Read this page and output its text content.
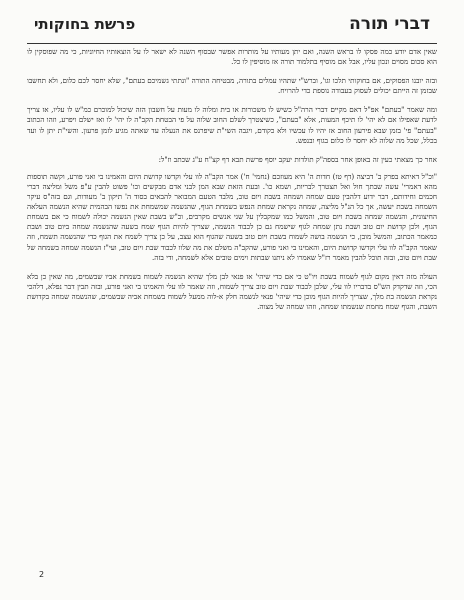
דברי תורה
פרשת בחוקותי

שאין אדם יודע כמה פסקו לו בראש השנה, ואם יתן מעותיו על מותרות אפשר שבסוף השנה לא ישאר לו על הוצאותיו החיוניות, כי מה שפוסקין לו הוא סכום מסוים ונכון עליו, אבל אם מוסיף בתלמוד תורה אז מוסיפין לו כל.

ובזה יובנו הפסוקים, אם בחוקותי תלכו וגו', וברש"י שתהיו עמלים בתורה, מבטיחה התורה "ונתתי גשמיכם בעתם", שלא יחסר לכם כלום, ולא תחשבו שבזמן זה הייתם יכולים לעסוק בעבודה נוספת כדי להרויח.

ומה שאמר "בעתם" אפ"ל דאם מקיים דברי הרה"ל כשיש לו משכורות או בית ומלוה לו מעות על חשבון הזה שיכול למוכרם כמ"ש לו עליו, אז צריך לדעת שאפילו אם לא יהי' לו תיכף המעות, אלא "בעתם", כשיצטרך לשלם החוב שלוה על פי הבטחת הקב"ה לו יהי' לו ואז ישלם ויפרע, וזהו הכתוב "בעתם" פי' בזמן שבא פירעון החוב אז יהיו לו עכשיו ולא כקודם, ויגבה השי"ת שיפרנס את הנעלה עד שאתה מגיע לזמן פרעון. והשי"ת יתן לו ועד בכלל, שכל מה שלוה לא יחסר לו כלום בגוף ובנפש.

אחר כך מצאתי כעין זה באופן אחר בספה"ק תולדות יעקב יוסף פרשת תבא דף קצ"ח ע"ג שכתב וז"ל:

"וכ"ל דאיתא בפרק ב' דביצה (דף טז) חדות ה' היא מעוזכם (נחמי' ח') אמר הקב"ה לוו עלי וקדשו קדושת היום והאמינו בי ואני פורע, וקשה תוספות מהא דאמרי' עשה שבתך חול ואל תצטרך לבריות, ושמא כו'. ובעת הזאת שבא המן לבני אדם מבקשים וכו' פשוט להבין ע"פ משל ומליצה דברי חכמים וחידותם, דבר ידוע דלהבין טעם שמחה ושמחה בשבת ויום טוב, מלבד הטעם המבואר להבאים בסוד ה' תיקון ב' מעודות, וגם בזה"ס עיקר השמחה בשבת יעשה, אך כל הנ"ל מליצה, שמחה נקראת שמחת הנפש בשמחת הגוף, שהנשמה שמשמחת את נפשו הבהמית שהיא הנשמה העלאה החיצונית, והנשמה שמחה בשבת ויום טוב, והמשל כמו שמקבלין על שני אנשים מקרבים, וכ"ש בשבת שאין הנשמה יכולה לשמוח כי אם בשמחת הגוף, ולכן קדושת יום טוב ושבת נתן שמחה לגוף שישמח גם כן לכבוד הנשמה, שצריך להיות הגוף שמח בשעה שהנשמה שמחה ביום טוב ושבת כמאמר הכתוב, והמשל מובן, כי הנשמה בושה לשמוח בשבת ויום טוב בשעה שהגוף הוא עצב, על כן צריך לשמח את הגוף כדי שהנשמה תשמח, וזה שאמר הקב"ה לוו עלי וקדשו קדושת היום, והאמינו בי ואני פורע, שהקב"ה משלם את מה שלוו לכבוד שבת ויום טוב, ועי"ז הנשמה שמחה בשמחה של שבת ויום טוב, ובזה תוכל להבין מאמר רז"ל שאמרו לא ניתנו שבתות וימים טובים אלא לשמחה, ודי בזה.

העולה מזה דאין מקום לגוף לשמוח בשבת ויו"ט כי אם כדי שיהי' אז פנאי לבן מלך שהיא הנשמה לשמוח בשמחת אביו שבשמים, מה שאין כן בלא הכי, וזה שדקדק הש"ס בדבריו לוו עלי, שלכן לכבוד שבת ויום טוב צריך לשמוח, וזה שאמר לוו עלי והאמינו בי ואני פורע, ובזה תבין דבר נפלא, דלהכי נקראת הנשמה בת מלך, שצריך להיות הגוף מוכן כדי שיהי' פנאי לנשמה חלק א-לוה ממעל לשמוח בשמחת אביה שבשמים, שהנשמה שמחה בקדושת השבת, והגוף שמח מחמת שנשמתו שמחה, וזהו שמחה של מצוה.

2
